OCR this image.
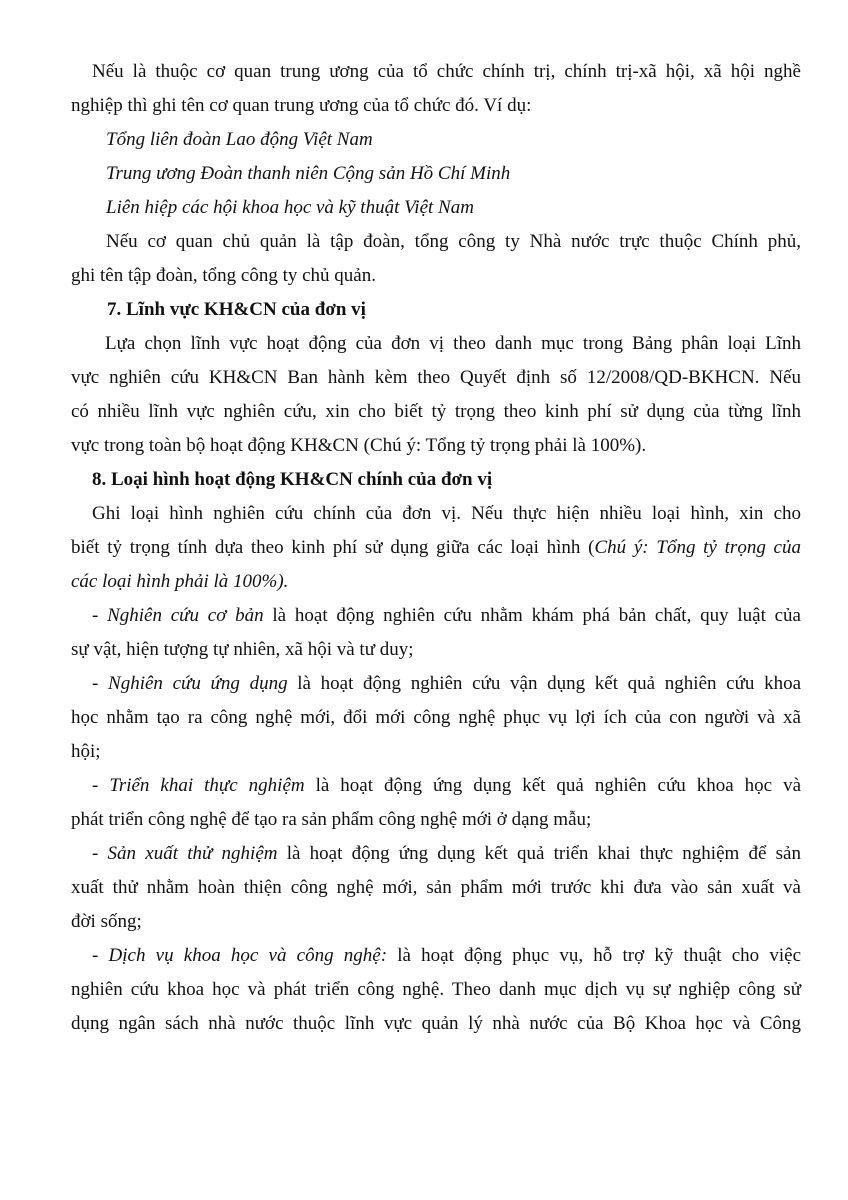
Nếu là thuộc cơ quan trung ương của tổ chức chính trị, chính trị-xã hội, xã hội nghề
nghiệp thì ghi tên cơ quan trung ương của tổ chức đó. Ví dụ:
Tổng liên đoàn Lao động Việt Nam
Trung ương Đoàn thanh niên Cộng sản Hồ Chí Minh
Liên hiệp các hội khoa học và kỹ thuật Việt Nam
Nếu cơ quan chủ quản là tập đoàn, tổng công ty Nhà nước trực thuộc Chính phủ,
ghi tên tập đoàn, tổng công ty chủ quản.
7. Lĩnh vực KH&CN của đơn vị
Lựa chọn lĩnh vực hoạt động của đơn vị theo danh mục trong Bảng phân loại Lĩnh
vực nghiên cứu KH&CN Ban hành kèm theo Quyết định số 12/2008/QD-BKHCN. Nếu
có nhiều lĩnh vực nghiên cứu, xin cho biết tỷ trọng theo kinh phí sử dụng của từng lĩnh
vực trong toàn bộ hoạt động KH&CN (Chú ý: Tổng tỷ trọng phải là 100%).
8. Loại hình hoạt động KH&CN chính của đơn vị
Ghi loại hình nghiên cứu chính của đơn vị. Nếu thực hiện nhiều loại hình, xin cho
biết tỷ trọng tính dựa theo kinh phí sử dụng giữa các loại hình (Chú ý: Tổng tỷ trọng của
các loại hình phải là 100%).
- Nghiên cứu cơ bản là hoạt động nghiên cứu nhằm khám phá bản chất, quy luật của
sự vật, hiện tượng tự nhiên, xã hội và tư duy;
- Nghiên cứu ứng dụng là hoạt động nghiên cứu vận dụng kết quả nghiên cứu khoa
học nhằm tạo ra công nghệ mới, đổi mới công nghệ phục vụ lợi ích của con người và xã
hội;
- Triển khai thực nghiệm là hoạt động ứng dụng kết quả nghiên cứu khoa học và
phát triển công nghệ để tạo ra sản phẩm công nghệ mới ở dạng mẫu;
- Sản xuất thử nghiệm là hoạt động ứng dụng kết quả triển khai thực nghiệm để sản
xuất thử nhằm hoàn thiện công nghệ mới, sản phẩm mới trước khi đưa vào sản xuất và
đời sống;
- Dịch vụ khoa học và công nghệ: là hoạt động phục vụ, hỗ trợ kỹ thuật cho việc
nghiên cứu khoa học và phát triển công nghệ. Theo danh mục dịch vụ sự nghiệp công sử
dụng ngân sách nhà nước thuộc lĩnh vực quản lý nhà nước của Bộ Khoa học và Công
